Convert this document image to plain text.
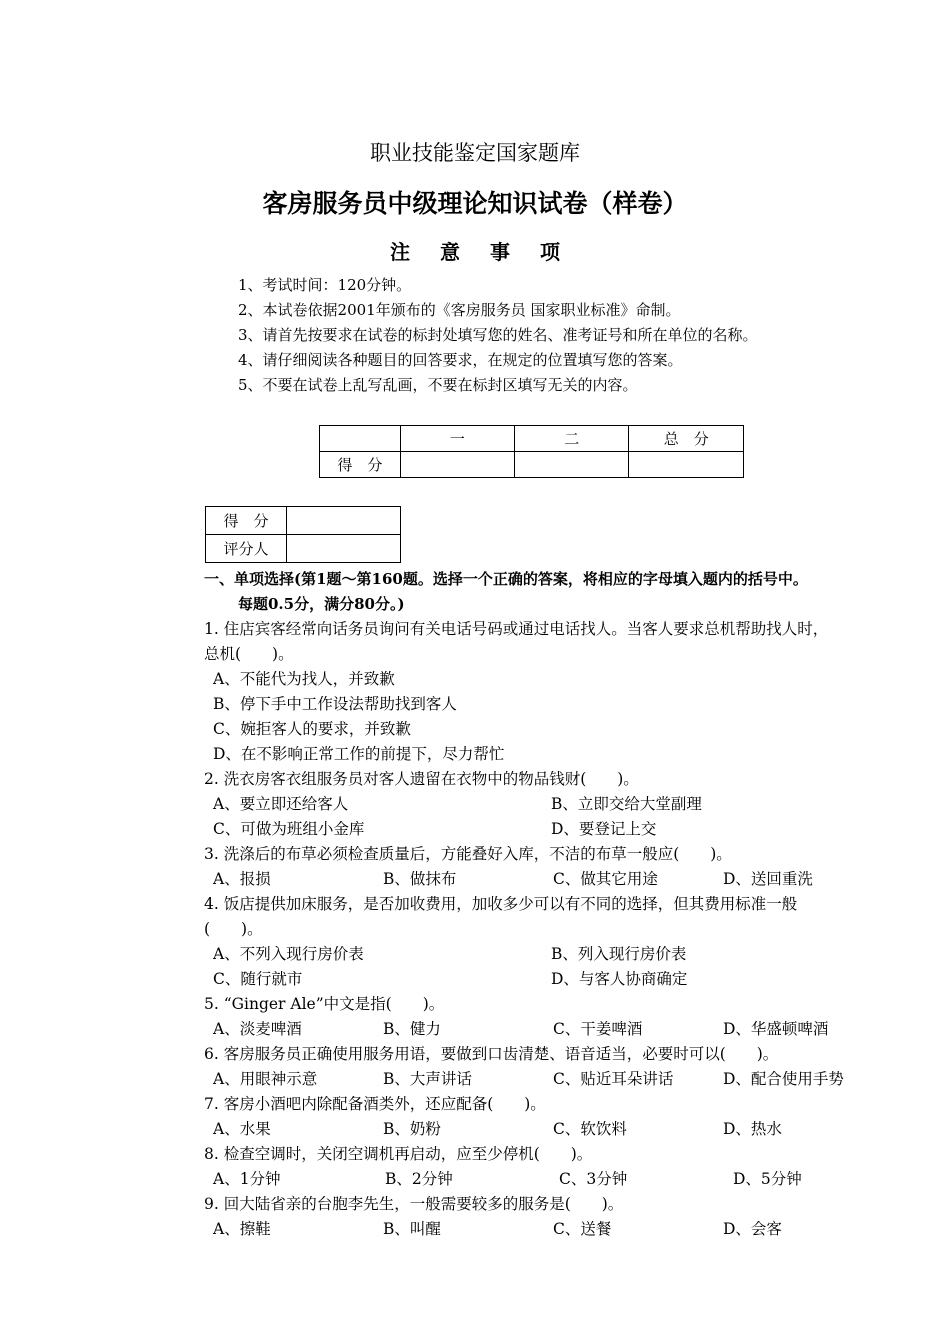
职业技能鉴定国家题库
客房服务员中级理论知识试卷（样卷）
注意事项
1、考试时间：120分钟。
2、本试卷依据2001年颁布的《客房服务员 国家职业标准》命制。
3、请首先按要求在试卷的标封处填写您的姓名、准考证号和所在单位的名称。
4、请仔细阅读各种题目的回答要求，在规定的位置填写您的答案。
5、不要在试卷上乱写乱画，不要在标封区填写无关的内容。
	一	二	总　分
得　分			
得　分	
评分人	
一、单项选择(第1题～第160题。选择一个正确的答案，将相应的字母填入题内的括号中。
每题0.5分，满分80分。)
1. 住店宾客经常向话务员询问有关电话号码或通过电话找人。当客人要求总机帮助找人时，
总机(　　)。
A、不能代为找人，并致歉
B、停下手中工作设法帮助找到客人
C、婉拒客人的要求，并致歉
D、在不影响正常工作的前提下，尽力帮忙
2. 洗衣房客衣组服务员对客人遗留在衣物中的物品钱财(　　)。
A、要立即还给客人	B、立即交给大堂副理
C、可做为班组小金库	D、要登记上交
3. 洗涤后的布草必须检查质量后，方能叠好入库，不洁的布草一般应(　　)。
A、报损	B、做抹布	C、做其它用途	D、送回重洗
4. 饭店提供加床服务，是否加收费用，加收多少可以有不同的选择，但其费用标准一般
(　　)。
A、不列入现行房价表	B、列入现行房价表
C、随行就市	D、与客人协商确定
5. “Ginger Ale”中文是指(　　)。
A、淡麦啤酒	B、健力	C、干姜啤酒	D、华盛顿啤酒
6. 客房服务员正确使用服务用语，要做到口齿清楚、语音适当，必要时可以(　　)。
A、用眼神示意	B、大声讲话	C、贴近耳朵讲话	D、配合使用手势
7. 客房小酒吧内除配备酒类外，还应配备(　　)。
A、水果	B、奶粉	C、软饮料	D、热水
8. 检查空调时，关闭空调机再启动，应至少停机(　　)。
A、1分钟	B、2分钟	C、3分钟	D、5分钟
9. 回大陆省亲的台胞李先生，一般需要较多的服务是(　　)。
A、擦鞋	B、叫醒	C、送餐	D、会客
